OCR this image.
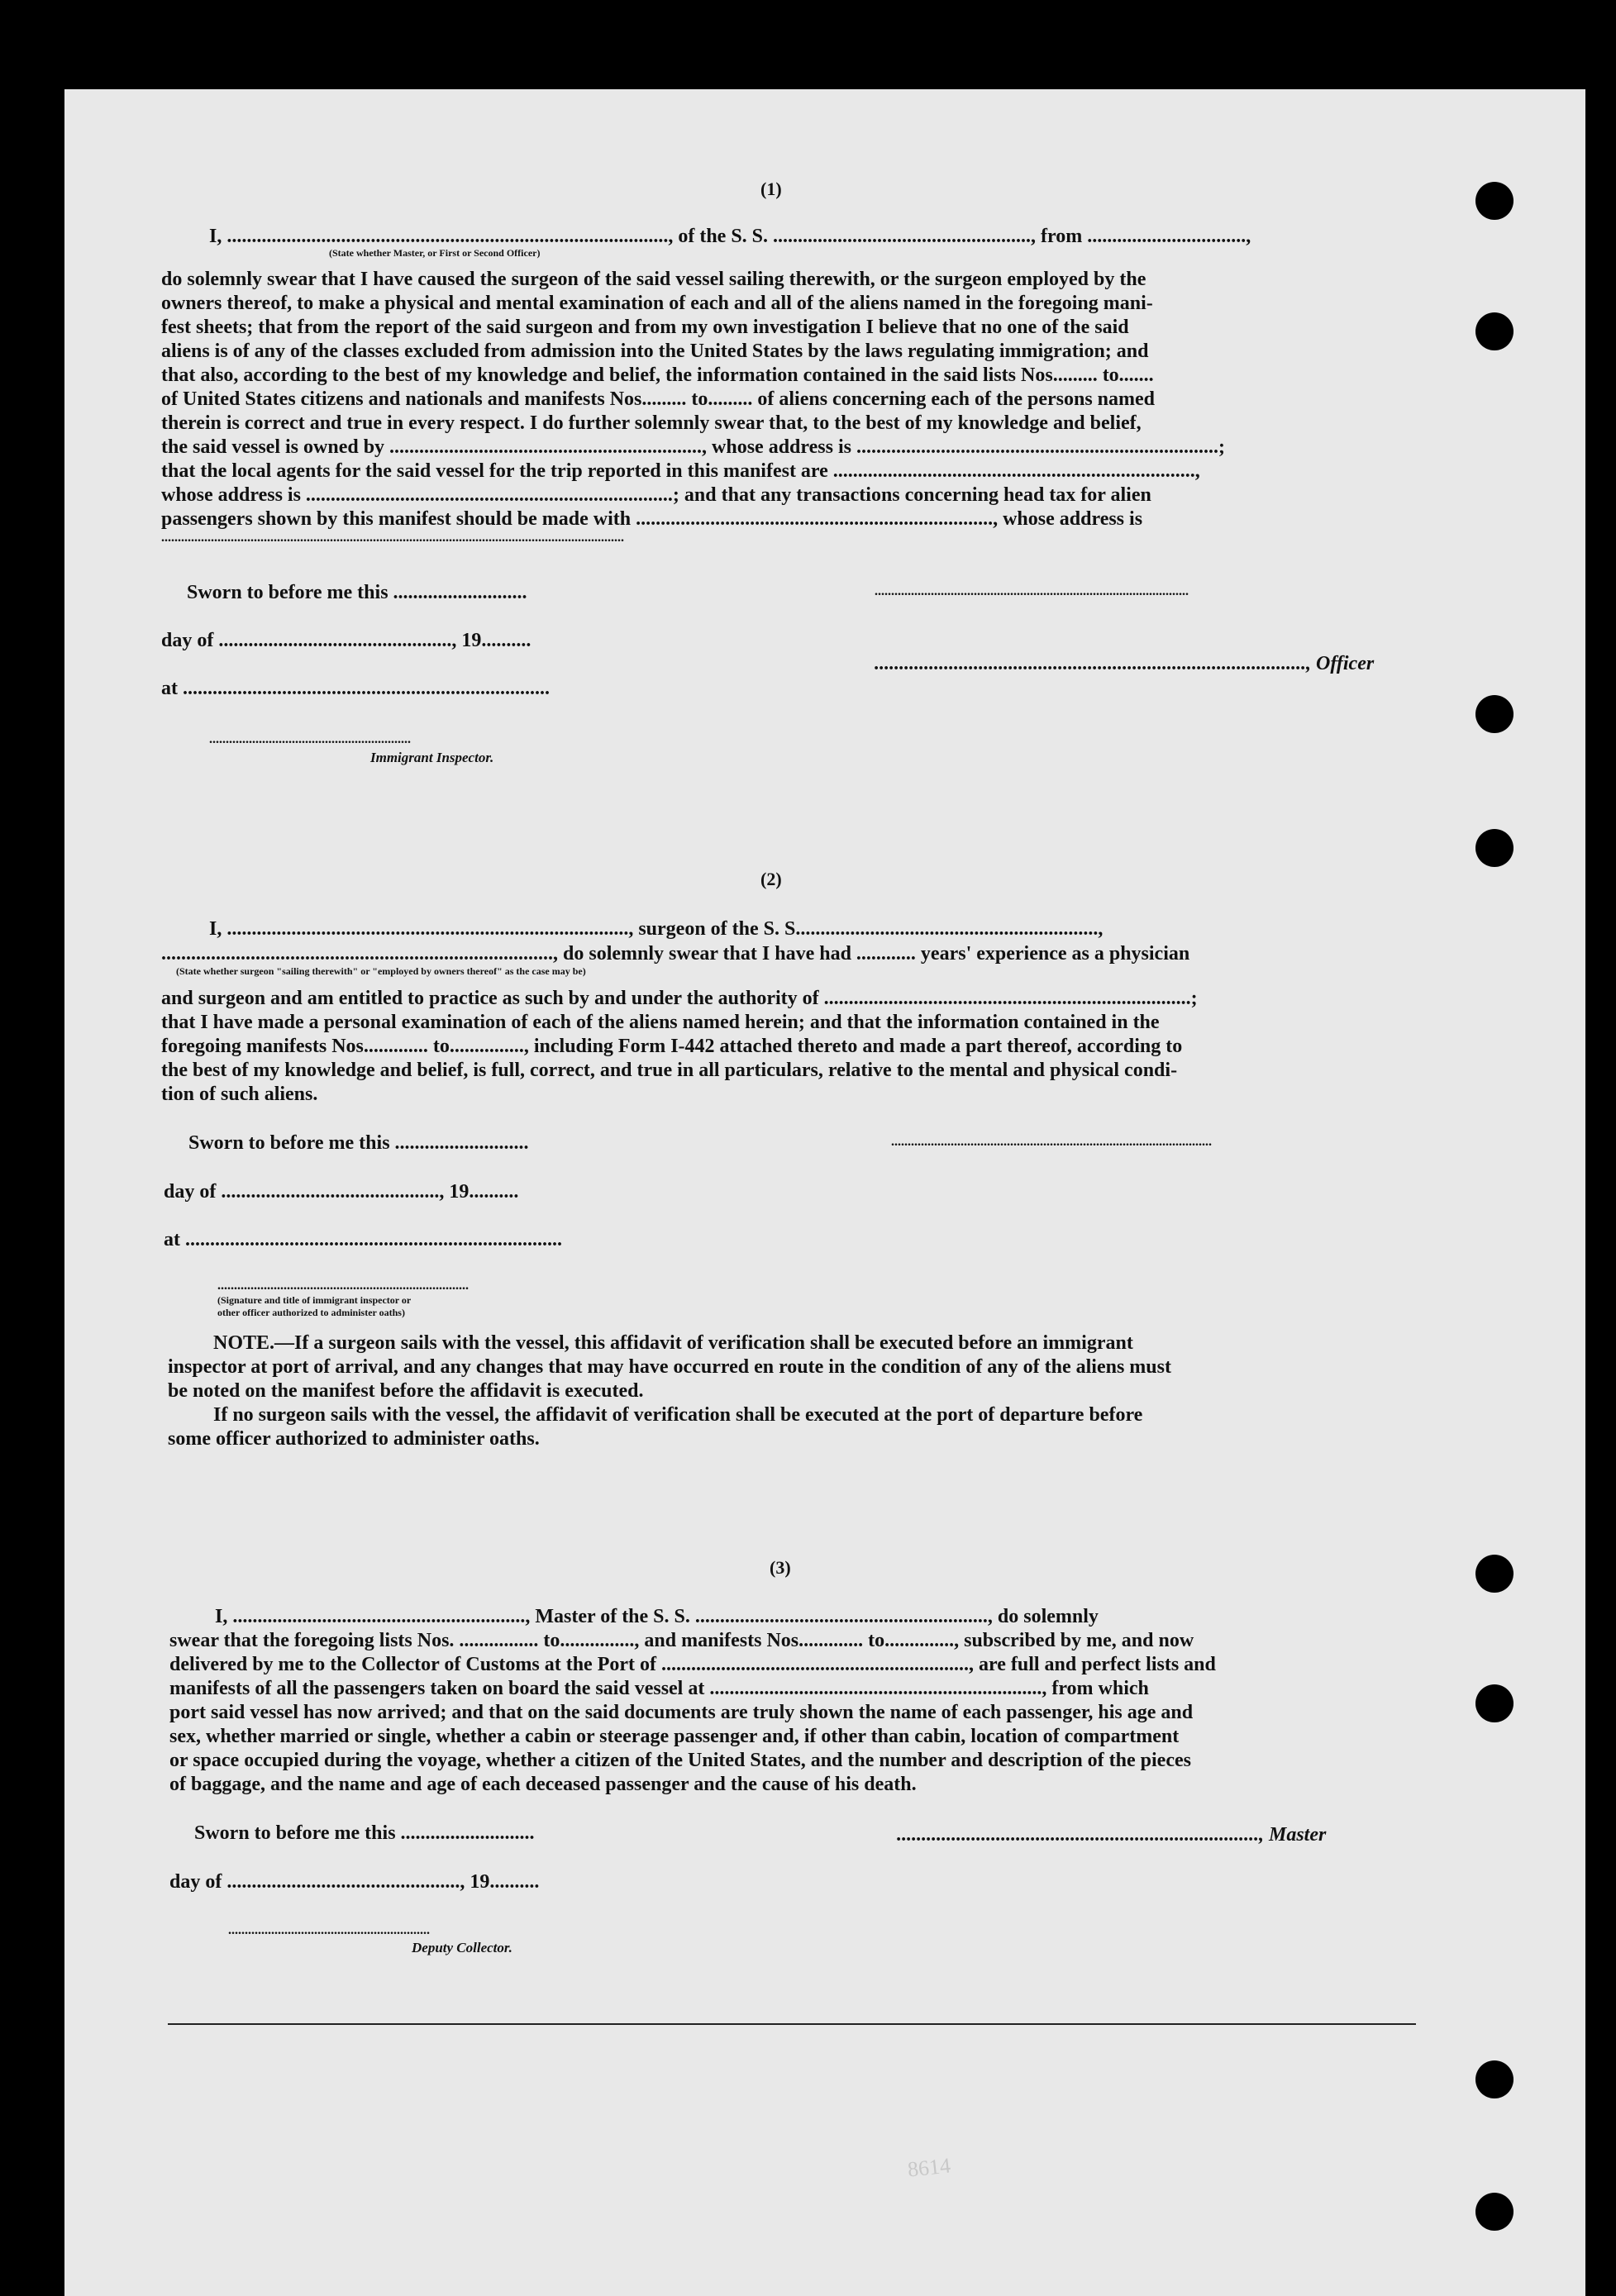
(1)
I, ........................................................................................., of the S. S. ...................................................., from ................................,
(State whether Master, or First or Second Officer)
do solemnly swear that I have caused the surgeon of the said vessel sailing therewith, or the surgeon employed by the
owners thereof, to make a physical and mental examination of each and all of the aliens named in the foregoing mani-
fest sheets; that from the report of the said surgeon and from my own investigation I believe that no one of the said
aliens is of any of the classes excluded from admission into the United States by the laws regulating immigration; and
that also, according to the best of my knowledge and belief, the information contained in the said lists Nos......... to.......
of United States citizens and nationals and manifests Nos......... to......... of aliens concerning each of the persons named
therein is correct and true in every respect. I do further solemnly swear that, to the best of my knowledge and belief,
the said vessel is owned by ..............................................................., whose address is .........................................................................;
that the local agents for the said vessel for the trip reported in this manifest are .........................................................................,
whose address is ..........................................................................; and that any transactions concerning head tax for alien
passengers shown by this manifest should be made with ........................................................................, whose address is
............................................................................................................................................
Sworn to before me this ...........................	...............................................................................................
day of ..............................................., 19..........
......................................................................................., Officer
at ..........................................................................
.............................................................
Immigrant Inspector.
(2)
I, ................................................................................., surgeon of the S. S.............................................................,
..............................................................................., do solemnly swear that I have had ............ years' experience as a physician
(State whether surgeon "sailing therewith" or "employed by owners thereof" as the case may be)
and surgeon and am entitled to practice as such by and under the authority of ..........................................................................;
that I have made a personal examination of each of the aliens named herein; and that the information contained in the
foregoing manifests Nos............. to..............., including Form I-442 attached thereto and made a part thereof, according to
the best of my knowledge and belief, is full, correct, and true in all particulars, relative to the mental and physical condi-
tion of such aliens.
Sworn to before me this ...........................	.................................................................................................
day of ............................................, 19..........
at ............................................................................
............................................................................
(Signature and title of immigrant inspector or
other officer authorized to administer oaths)
NOTE.—If a surgeon sails with the vessel, this affidavit of verification shall be executed before an immigrant
inspector at port of arrival, and any changes that may have occurred en route in the condition of any of the aliens must
be noted on the manifest before the affidavit is executed.
If no surgeon sails with the vessel, the affidavit of verification shall be executed at the port of departure before
some officer authorized to administer oaths.
(3)
I, ..........................................................., Master of the S. S. ..........................................................., do solemnly
swear that the foregoing lists Nos. ................ to..............., and manifests Nos............. to.............., subscribed by me, and now
delivered by me to the Collector of Customs at the Port of .............................................................., are full and perfect lists and
manifests of all the passengers taken on board the said vessel at ..................................................................., from which
port said vessel has now arrived; and that on the said documents are truly shown the name of each passenger, his age and
sex, whether married or single, whether a cabin or steerage passenger and, if other than cabin, location of compartment
or space occupied during the voyage, whether a citizen of the United States, and the number and description of the pieces
of baggage, and the name and age of each deceased passenger and the cause of his death.
Sworn to before me this ...........................	........................................................................., Master
day of ..............................................., 19..........
.............................................................
Deputy Collector.
8614
